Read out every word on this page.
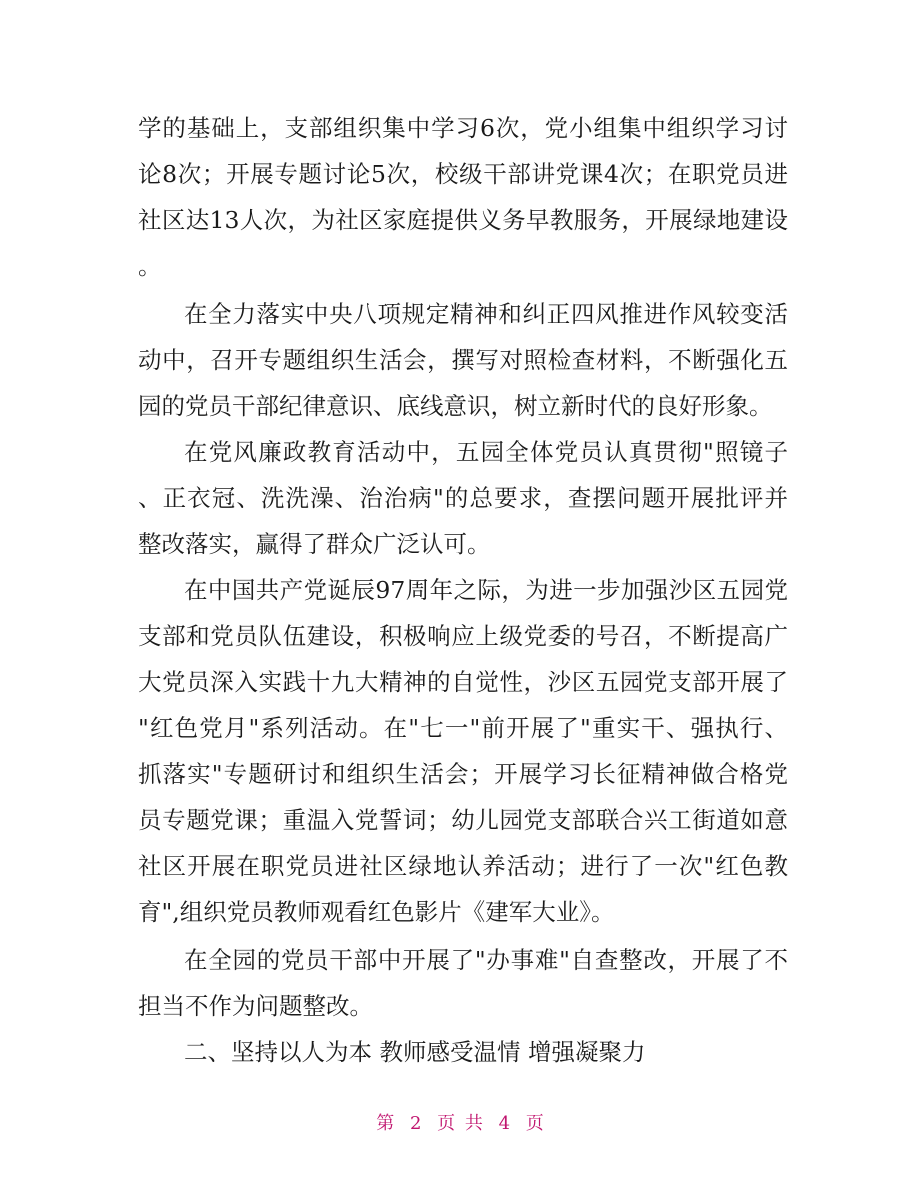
学的基础上，支部组织集中学习6次，党小组集中组织学习讨
论8次；开展专题讨论5次，校级干部讲党课4次；在职党员进
社区达13人次，为社区家庭提供义务早教服务，开展绿地建设
。
在全力落实中央八项规定精神和纠正四风推进作风较变活
动中，召开专题组织生活会，撰写对照检查材料，不断强化五
园的党员干部纪律意识、底线意识，树立新时代的良好形象。
在党风廉政教育活动中，五园全体党员认真贯彻"照镜子
、正衣冠、洗洗澡、治治病"的总要求，查摆问题开展批评并
整改落实，赢得了群众广泛认可。
在中国共产党诞辰97周年之际，为进一步加强沙区五园党
支部和党员队伍建设，积极响应上级党委的号召，不断提高广
大党员深入实践十九大精神的自觉性，沙区五园党支部开展了
"红色党月"系列活动。在"七一"前开展了"重实干、强执行、
抓落实"专题研讨和组织生活会；开展学习长征精神做合格党
员专题党课；重温入党誓词；幼儿园党支部联合兴工街道如意
社区开展在职党员进社区绿地认养活动；进行了一次"红色教
育",组织党员教师观看红色影片《建军大业》。
在全园的党员干部中开展了"办事难"自查整改，开展了不
担当不作为问题整改。
二、坚持以人为本 教师感受温情 增强凝聚力
第 2 页 共 4 页
